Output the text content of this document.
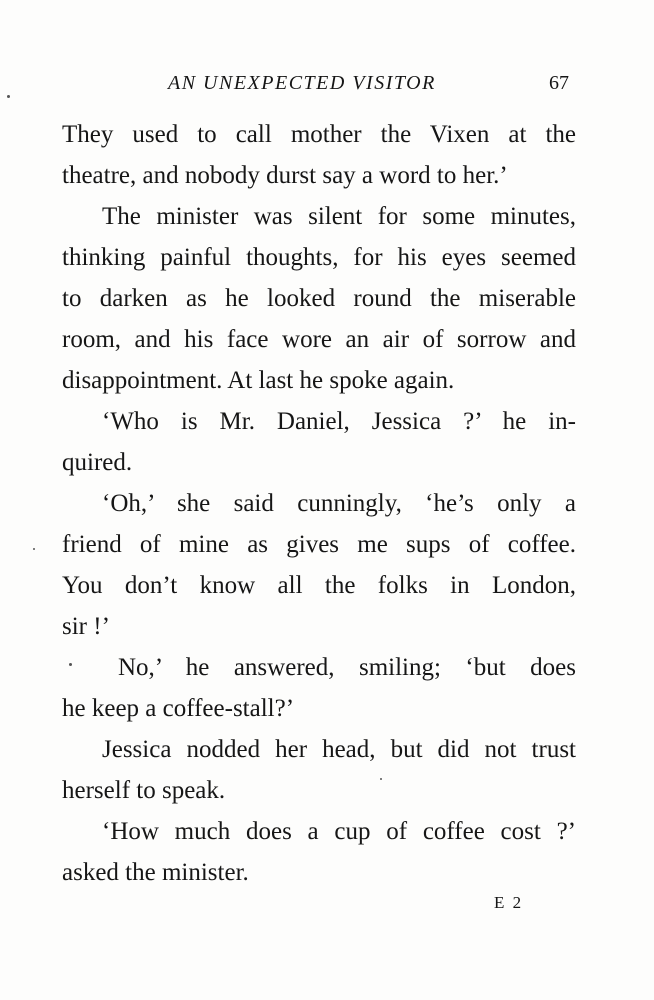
AN UNEXPECTED VISITOR	67
They used to call mother the Vixen at the
theatre, and nobody durst say a word to her.’
The minister was silent for some minutes,
thinking painful thoughts, for his eyes seemed
to darken as he looked round the miserable
room, and his face wore an air of sorrow and
disappointment. At last he spoke again.
‘Who is Mr. Daniel, Jessica ?’ he in-
quired.
‘Oh,’ she said cunningly, ‘he’s only a
friend of mine as gives me sups of coffee.
You don’t know all the folks in London,
sir !’
No,’ he answered, smiling; ‘but does
he keep a coffee-stall?’
Jessica nodded her head, but did not trust
herself to speak.
‘How much does a cup of coffee cost ?’
asked the minister.
E 2
